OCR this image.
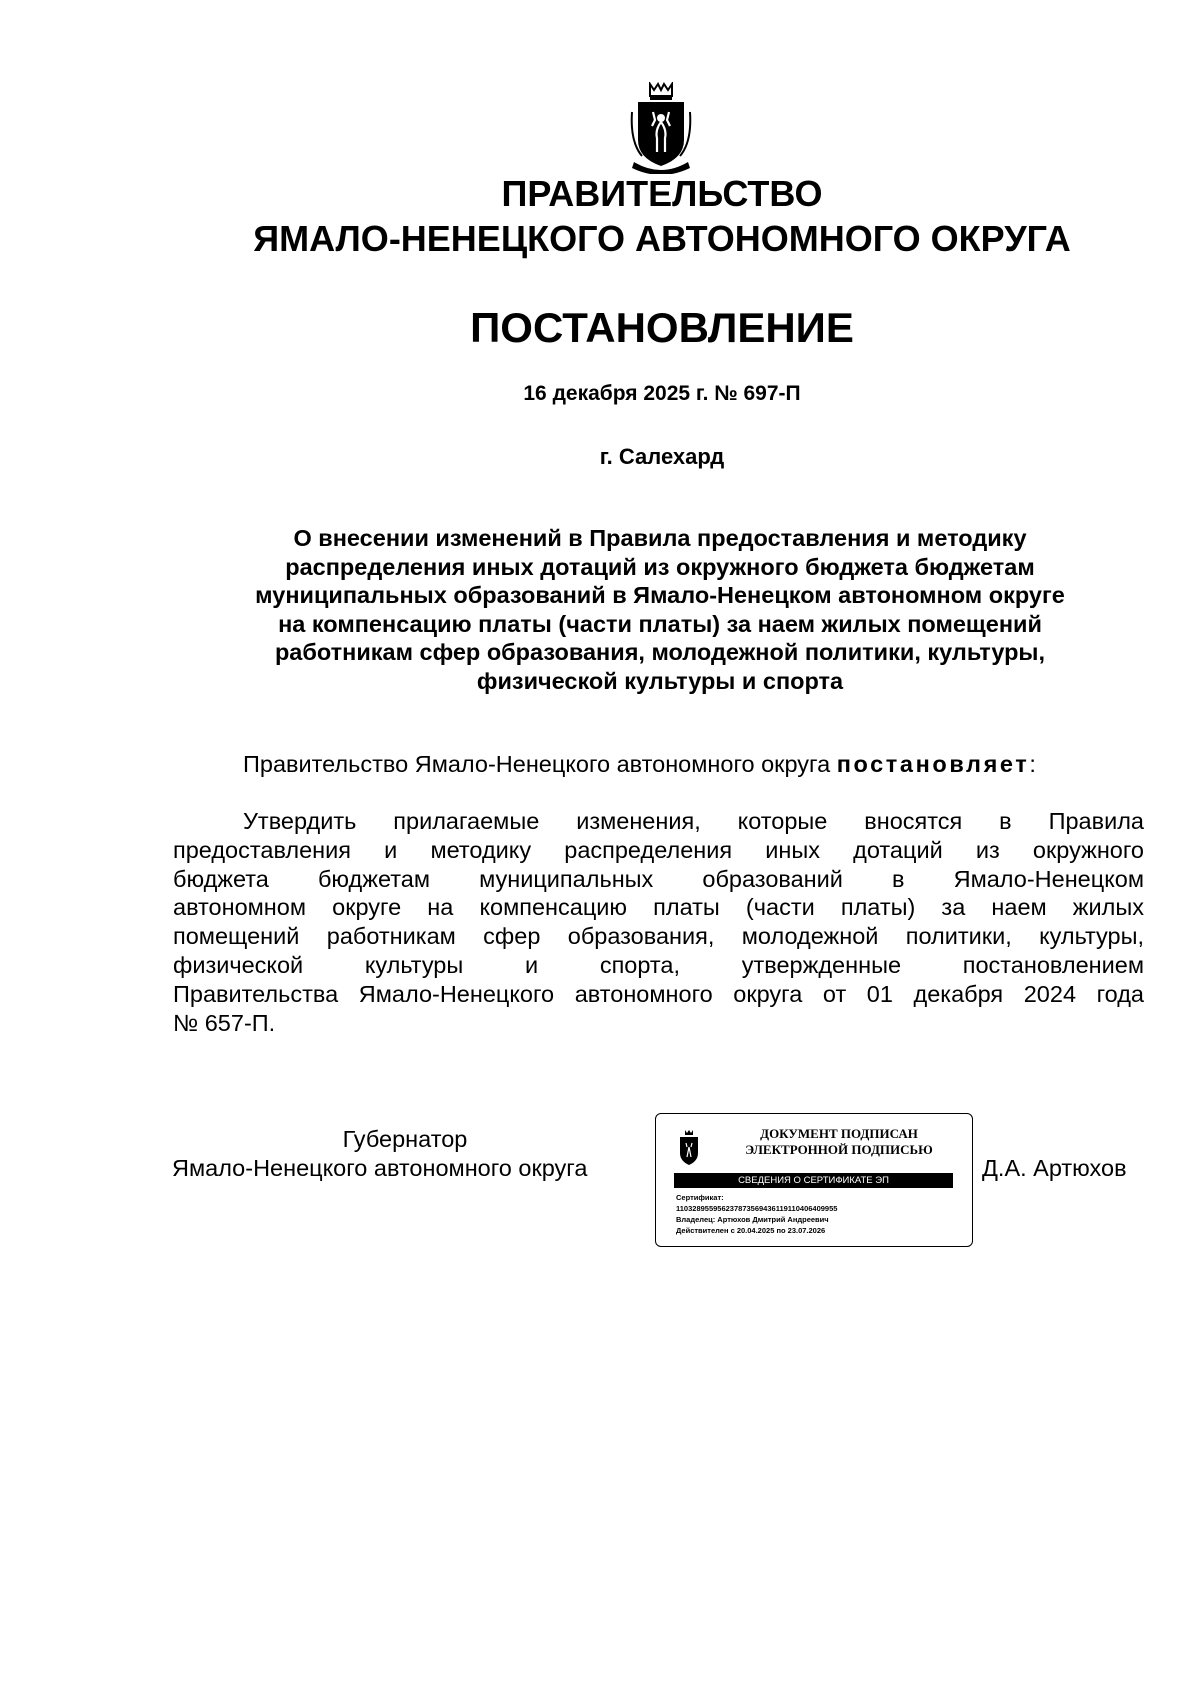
ПРАВИТЕЛЬСТВО
ЯМАЛО-НЕНЕЦКОГО АВТОНОМНОГО ОКРУГА
ПОСТАНОВЛЕНИЕ
16 декабря 2025 г. № 697-П
г. Салехард
О внесении изменений в Правила предоставления и методику
распределения иных дотаций из окружного бюджета бюджетам
муниципальных образований в Ямало-Ненецком автономном округе
на компенсацию платы (части платы) за наем жилых помещений
работникам сфер образования, молодежной политики, культуры,
физической культуры и спорта
Правительство Ямало-Ненецкого автономного округа постановляет:
Утвердить прилагаемые изменения, которые вносятся в Правила
предоставления и методику распределения иных дотаций из окружного
бюджета бюджетам муниципальных образований в Ямало-Ненецком
автономном округе на компенсацию платы (части платы) за наем жилых
помещений работникам сфер образования, молодежной политики, культуры,
физической культуры и спорта, утвержденные постановлением
Правительства Ямало-Ненецкого автономного округа от 01 декабря 2024 года
№ 657-П.
Губернатор
Ямало-Ненецкого автономного округа
ДОКУМЕНТ ПОДПИСАН
ЭЛЕКТРОННОЙ ПОДПИСЬЮ
СВЕДЕНИЯ О СЕРТИФИКАТЕ ЭП
Сертификат:
110328955956237873569436119110406409955
Владелец: Артюхов Дмитрий Андреевич
Действителен с 20.04.2025 по 23.07.2026
Д.А. Артюхов
